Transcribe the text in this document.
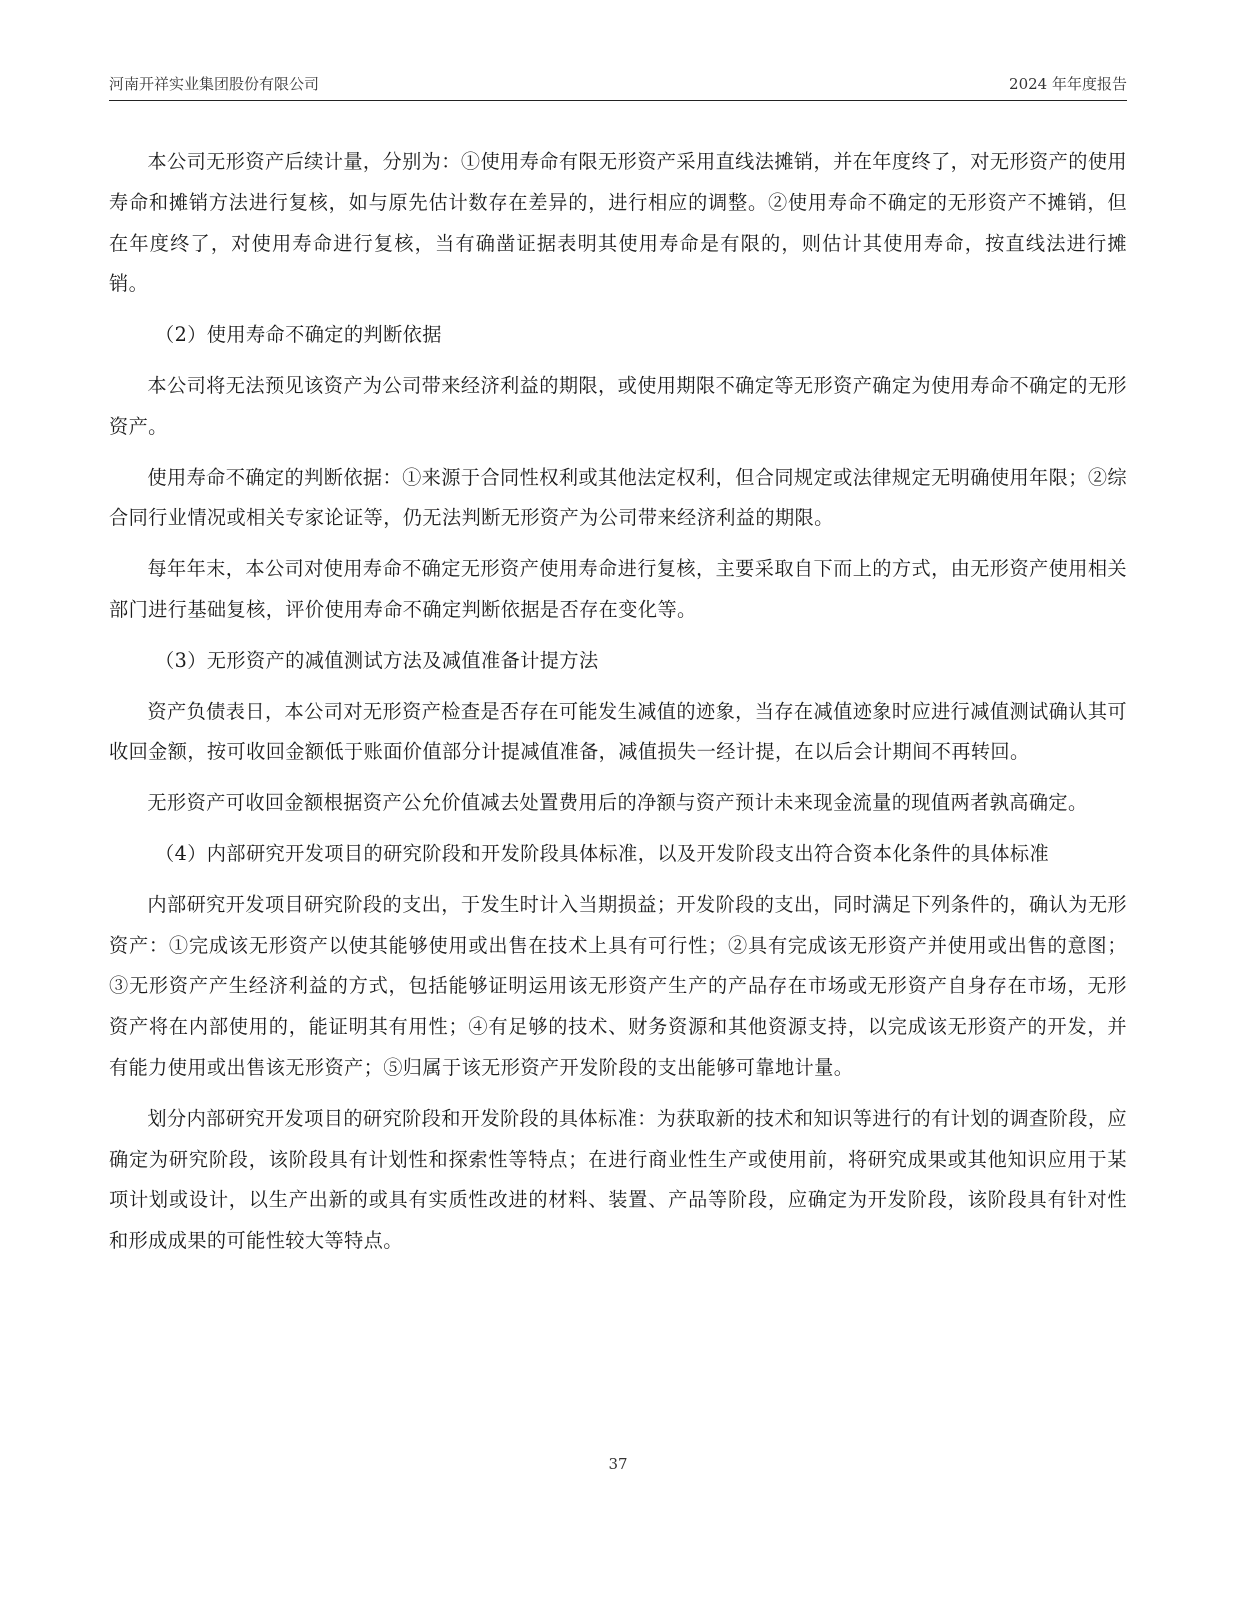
河南开祥实业集团股份有限公司	2024 年年度报告

本公司无形资产后续计量，分别为：①使用寿命有限无形资产采用直线法摊销，并在年度终了，对无形资产的使用寿命和摊销方法进行复核，如与原先估计数存在差异的，进行相应的调整。②使用寿命不确定的无形资产不摊销，但在年度终了，对使用寿命进行复核，当有确凿证据表明其使用寿命是有限的，则估计其使用寿命，按直线法进行摊销。

（2）使用寿命不确定的判断依据

本公司将无法预见该资产为公司带来经济利益的期限，或使用期限不确定等无形资产确定为使用寿命不确定的无形资产。

使用寿命不确定的判断依据：①来源于合同性权利或其他法定权利，但合同规定或法律规定无明确使用年限；②综合同行业情况或相关专家论证等，仍无法判断无形资产为公司带来经济利益的期限。

每年年末，本公司对使用寿命不确定无形资产使用寿命进行复核，主要采取自下而上的方式，由无形资产使用相关部门进行基础复核，评价使用寿命不确定判断依据是否存在变化等。

（3）无形资产的减值测试方法及减值准备计提方法

资产负债表日，本公司对无形资产检查是否存在可能发生减值的迹象，当存在减值迹象时应进行减值测试确认其可收回金额，按可收回金额低于账面价值部分计提减值准备，减值损失一经计提，在以后会计期间不再转回。

无形资产可收回金额根据资产公允价值减去处置费用后的净额与资产预计未来现金流量的现值两者孰高确定。

（4）内部研究开发项目的研究阶段和开发阶段具体标准，以及开发阶段支出符合资本化条件的具体标准

内部研究开发项目研究阶段的支出，于发生时计入当期损益；开发阶段的支出，同时满足下列条件的，确认为无形资产：①完成该无形资产以使其能够使用或出售在技术上具有可行性；②具有完成该无形资产并使用或出售的意图；③无形资产产生经济利益的方式，包括能够证明运用该无形资产生产的产品存在市场或无形资产自身存在市场，无形资产将在内部使用的，能证明其有用性；④有足够的技术、财务资源和其他资源支持，以完成该无形资产的开发，并有能力使用或出售该无形资产；⑤归属于该无形资产开发阶段的支出能够可靠地计量。

划分内部研究开发项目的研究阶段和开发阶段的具体标准：为获取新的技术和知识等进行的有计划的调查阶段，应确定为研究阶段，该阶段具有计划性和探索性等特点；在进行商业性生产或使用前，将研究成果或其他知识应用于某项计划或设计，以生产出新的或具有实质性改进的材料、装置、产品等阶段，应确定为开发阶段，该阶段具有针对性和形成成果的可能性较大等特点。

37
